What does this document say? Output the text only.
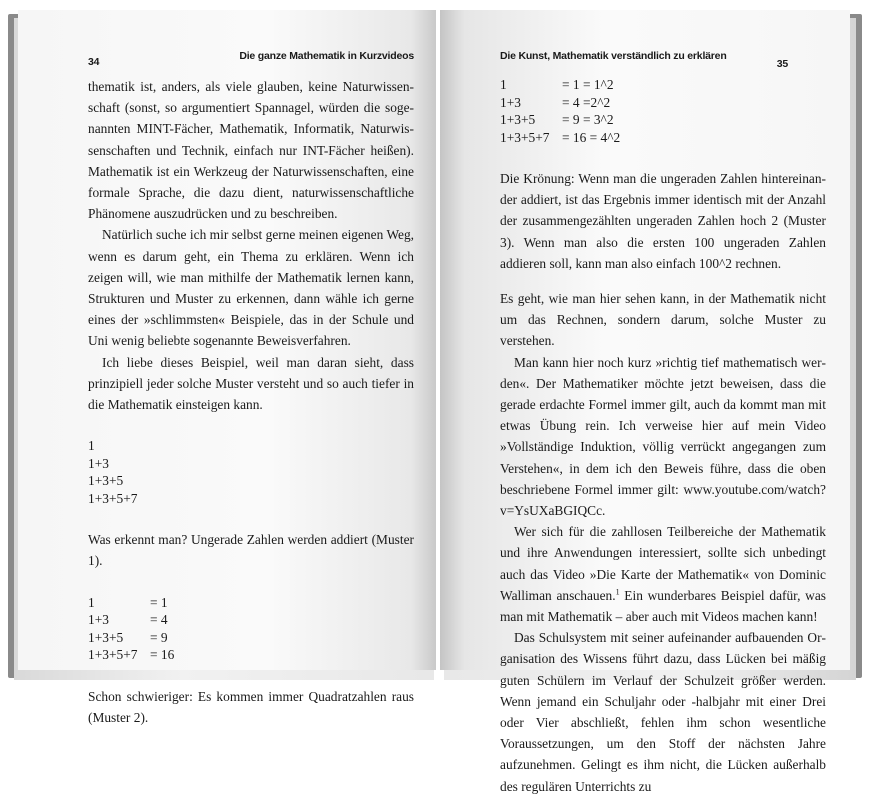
34	Die ganze Mathematik in Kurzvideos

thematik ist, anders, als viele glauben, keine Naturwissenschaft (sonst, so argumentiert Spannagel, würden die sogenannten MINT-Fächer, Mathematik, Informatik, Naturwissenschaften und Technik, einfach nur INT-Fächer heißen). Mathematik ist ein Werkzeug der Naturwissenschaften, eine formale Sprache, die dazu dient, naturwissenschaftliche Phänomene auszudrücken und zu beschreiben.

Natürlich suche ich mir selbst gerne meinen eigenen Weg, wenn es darum geht, ein Thema zu erklären. Wenn ich zeigen will, wie man mithilfe der Mathematik lernen kann, Strukturen und Muster zu erkennen, dann wähle ich gerne eines der »schlimmsten« Beispiele, das in der Schule und Uni wenig beliebte sogenannte Beweisverfahren.

Ich liebe dieses Beispiel, weil man daran sieht, dass prinzipiell jeder solche Muster versteht und so auch tiefer in die Mathematik einsteigen kann.

1
1+3
1+3+5
1+3+5+7

Was erkennt man? Ungerade Zahlen werden addiert (Muster 1).

1	= 1
1+3	= 4
1+3+5	= 9
1+3+5+7 = 16

Schon schwieriger: Es kommen immer Quadratzahlen raus (Muster 2).

Die Kunst, Mathematik verständlich zu erklären
35
1	= 1 = 1^2
1+3	= 4 =2^2
1+3+5	= 9 = 3^2
1+3+5+7 = 16 = 4^2

Die Krönung: Wenn man die ungeraden Zahlen hintereinander addiert, ist das Ergebnis immer identisch mit der Anzahl der zusammengezählten ungeraden Zahlen hoch 2 (Muster 3). Wenn man also die ersten 100 ungeraden Zahlen addieren soll, kann man also einfach 100^2 rechnen.

Es geht, wie man hier sehen kann, in der Mathematik nicht um das Rechnen, sondern darum, solche Muster zu verstehen.

Man kann hier noch kurz »richtig tief mathematisch werden«. Der Mathematiker möchte jetzt beweisen, dass die gerade erdachte Formel immer gilt, auch da kommt man mit etwas Übung rein. Ich verweise hier auf mein Video »Vollständige Induktion, völlig verrückt angegangen zum Verstehen«, in dem ich den Beweis führe, dass die oben beschriebene Formel immer gilt: www.youtube.com/watch?v=YsUXaBGIQCc.

Wer sich für die zahllosen Teilbereiche der Mathematik und ihre Anwendungen interessiert, sollte sich unbedingt auch das Video »Die Karte der Mathematik« von Dominic Walliman anschauen.$^1$ Ein wunderbares Beispiel dafür, was man mit Mathematik – aber auch mit Videos machen kann!

Das Schulsystem mit seiner aufeinander aufbauenden Organisation des Wissens führt dazu, dass Lücken bei mäßig guten Schülern im Verlauf der Schulzeit größer werden. Wenn jemand ein Schuljahr oder -halbjahr mit einer Drei oder Vier abschließt, fehlen ihm schon wesentliche Voraussetzungen, um den Stoff der nächsten Jahre aufzunehmen. Gelingt es ihm nicht, die Lücken außerhalb des regulären Unterrichts zu
